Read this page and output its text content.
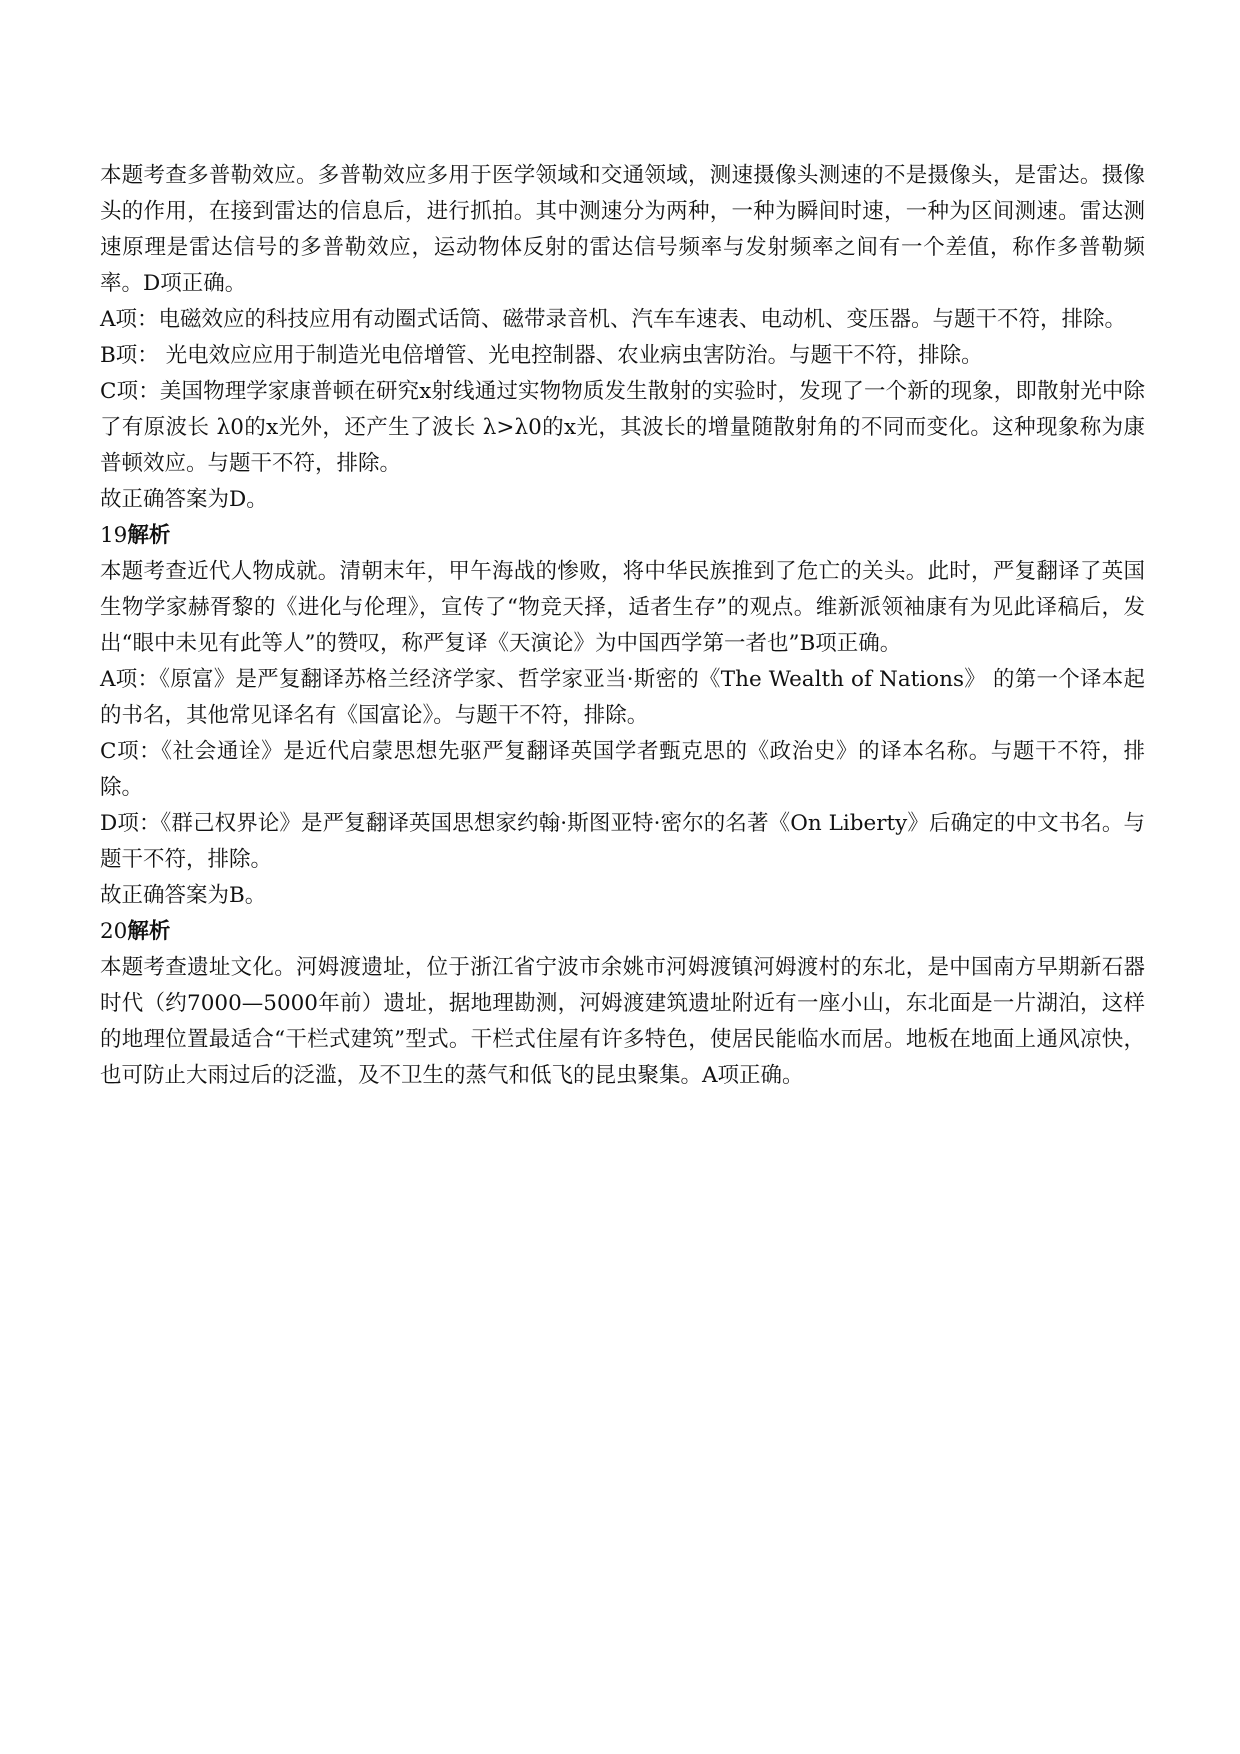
本题考查多普勒效应。多普勒效应多用于医学领域和交通领域，测速摄像头测速的不是摄像头，是雷达。摄像头的作用，在接到雷达的信息后，进行抓拍。其中测速分为两种，一种为瞬间时速，一种为区间测速。雷达测速原理是雷达信号的多普勒效应，运动物体反射的雷达信号频率与发射频率之间有一个差值，称作多普勒频率。D项正确。

A项：电磁效应的科技应用有动圈式话筒、磁带录音机、汽车车速表、电动机、变压器。与题干不符，排除。

B项： 光电效应应用于制造光电倍增管、光电控制器、农业病虫害防治。与题干不符，排除。

C项：美国物理学家康普顿在研究x射线通过实物物质发生散射的实验时，发现了一个新的现象，即散射光中除了有原波长 λ0的x光外，还产生了波长 λ>λ0的x光，其波长的增量随散射角的不同而变化。这种现象称为康普顿效应。与题干不符，排除。

故正确答案为D。

19解析

本题考查近代人物成就。清朝末年，甲午海战的惨败，将中华民族推到了危亡的关头。此时，严复翻译了英国生物学家赫胥黎的《进化与伦理》，宣传了“物竞天择，适者生存”的观点。维新派领袖康有为见此译稿后，发出“眼中未见有此等人”的赞叹，称严复译《天演论》为中国西学第一者也”B项正确。

A项：《原富》是严复翻译苏格兰经济学家、哲学家亚当·斯密的《The Wealth of Nations》 的第一个译本起的书名，其他常见译名有《国富论》。与题干不符，排除。

C项：《社会通诠》是近代启蒙思想先驱严复翻译英国学者甄克思的《政治史》的译本名称。与题干不符，排除。

D项：《群己权界论》是严复翻译英国思想家约翰·斯图亚特·密尔的名著《On Liberty》后确定的中文书名。与题干不符，排除。

故正确答案为B。

20解析

本题考查遗址文化。河姆渡遗址，位于浙江省宁波市余姚市河姆渡镇河姆渡村的东北，是中国南方早期新石器时代（约7000—5000年前）遗址，据地理勘测，河姆渡建筑遗址附近有一座小山，东北面是一片湖泊，这样的地理位置最适合“干栏式建筑”型式。干栏式住屋有许多特色，使居民能临水而居。地板在地面上通风凉快，也可防止大雨过后的泛滥，及不卫生的蒸气和低飞的昆虫聚集。A项正确。
